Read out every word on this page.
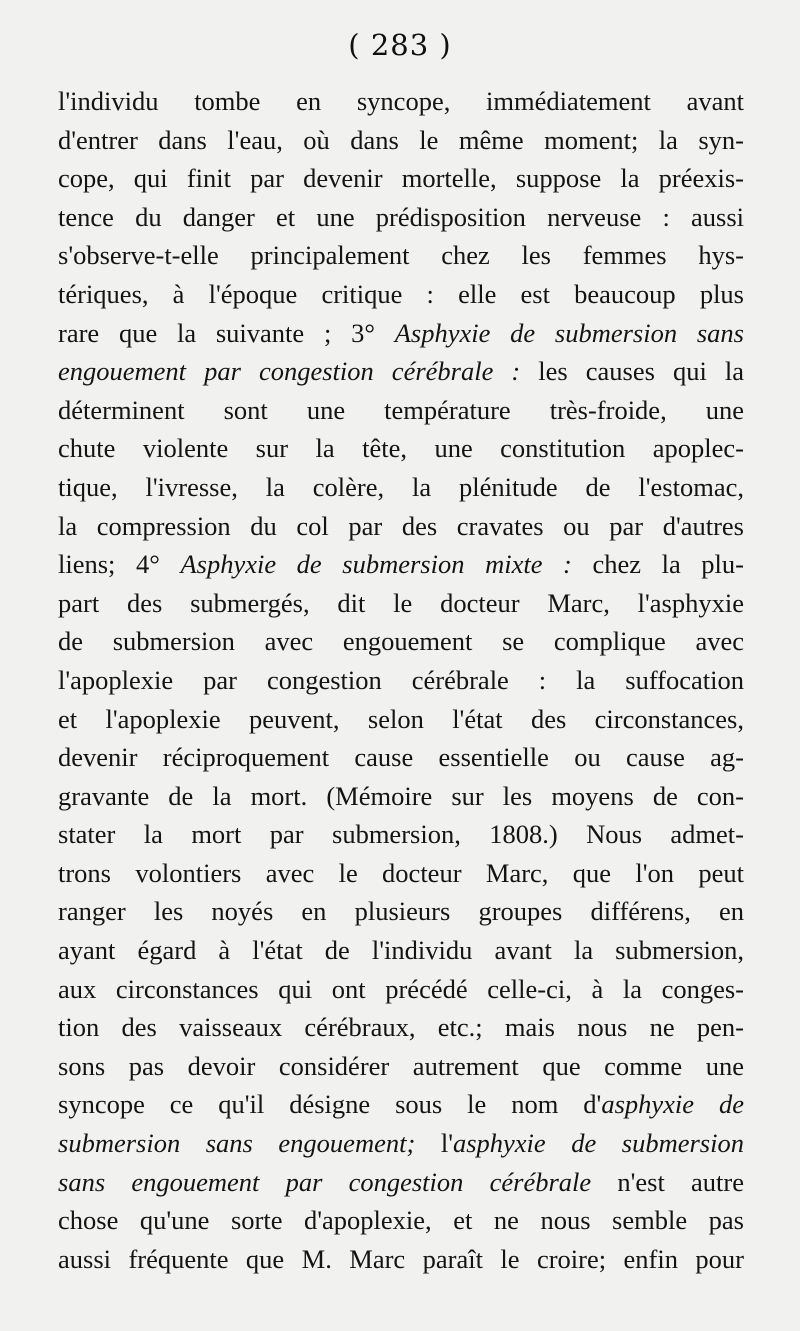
( 283 )
l'individu tombe en syncope, immédiatement avant
d'entrer dans l'eau, où dans le même moment; la syn-
cope, qui finit par devenir mortelle, suppose la préexis-
tence du danger et une prédisposition nerveuse : aussi
s'observe-t-elle principalement chez les femmes hys-
tériques, à l'époque critique : elle est beaucoup plus
rare que la suivante ; 3° Asphyxie de submersion sans
engouement par congestion cérébrale : les causes qui la
déterminent sont une température très-froide, une
chute violente sur la tête, une constitution apoplec-
tique, l'ivresse, la colère, la plénitude de l'estomac,
la compression du col par des cravates ou par d'autres
liens; 4° Asphyxie de submersion mixte : chez la plu-
part des submergés, dit le docteur Marc, l'asphyxie
de submersion avec engouement se complique avec
l'apoplexie par congestion cérébrale : la suffocation
et l'apoplexie peuvent, selon l'état des circonstances,
devenir réciproquement cause essentielle ou cause ag-
gravante de la mort. (Mémoire sur les moyens de con-
stater la mort par submersion, 1808.) Nous admet-
trons volontiers avec le docteur Marc, que l'on peut
ranger les noyés en plusieurs groupes différens, en
ayant égard à l'état de l'individu avant la submersion,
aux circonstances qui ont précédé celle-ci, à la conges-
tion des vaisseaux cérébraux, etc.; mais nous ne pen-
sons pas devoir considérer autrement que comme une
syncope ce qu'il désigne sous le nom d'asphyxie de
submersion sans engouement; l'asphyxie de submersion
sans engouement par congestion cérébrale n'est autre
chose qu'une sorte d'apoplexie, et ne nous semble pas
aussi fréquente que M. Marc paraît le croire; enfin pour
